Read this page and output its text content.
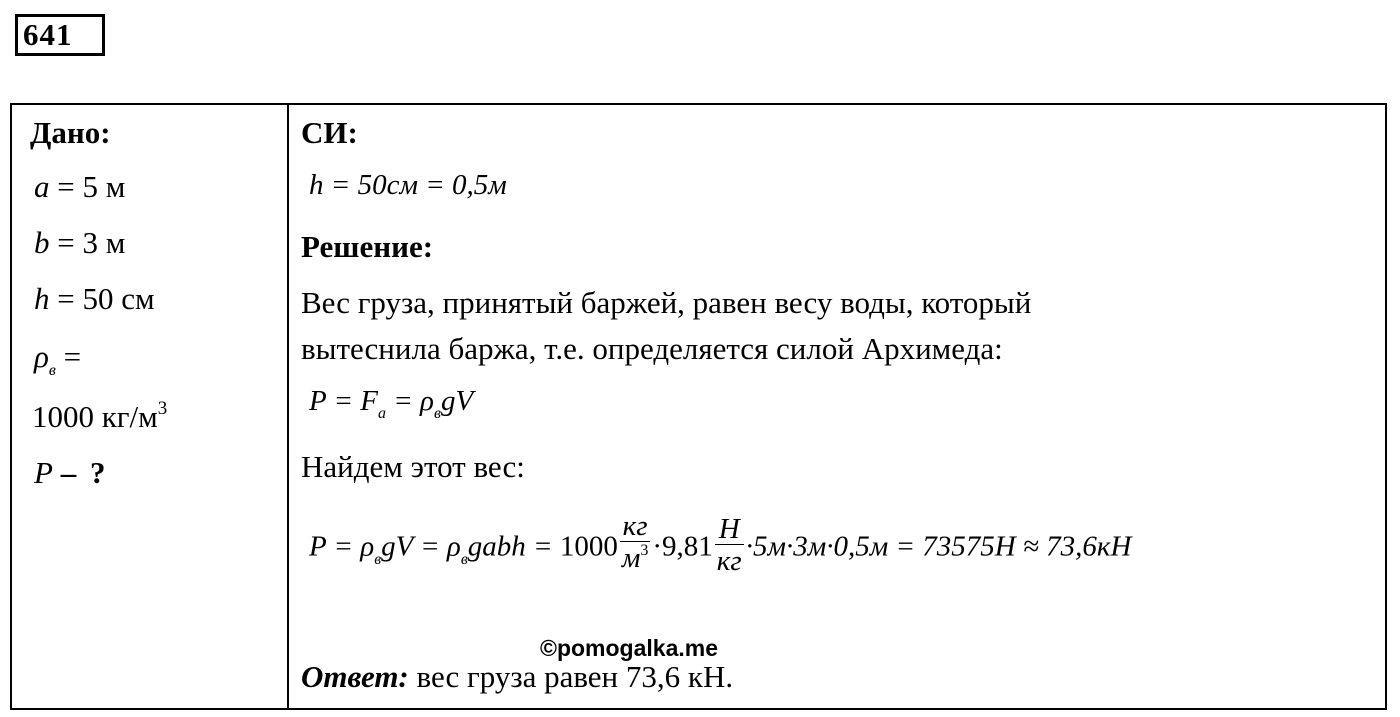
641
Дано:
a = 5 м
b = 3 м
h = 50 см
$\rho_в$ =
1000 $кг/м^3$
P – ?
СИ:
h = 50см = 0,5м
Решение:
Вес груза, принятый баржей, равен весу воды, который
вытеснила баржа, т.е. определяется силой Архимеда:
$P = F_a = \rho_вgV$
Найдем этот вес:
$P = \rho_вgV$ = $\rho_вgabh = 1000 \frac{кг}{м^3} \cdot 9,81 \frac{Н}{кг} \cdot 5м\cdot 3м\cdot 0,5м = 73575Н \approx 73,6кН$
Ответ: вес груза равен 73,6 кН.
©pomogalka.me
